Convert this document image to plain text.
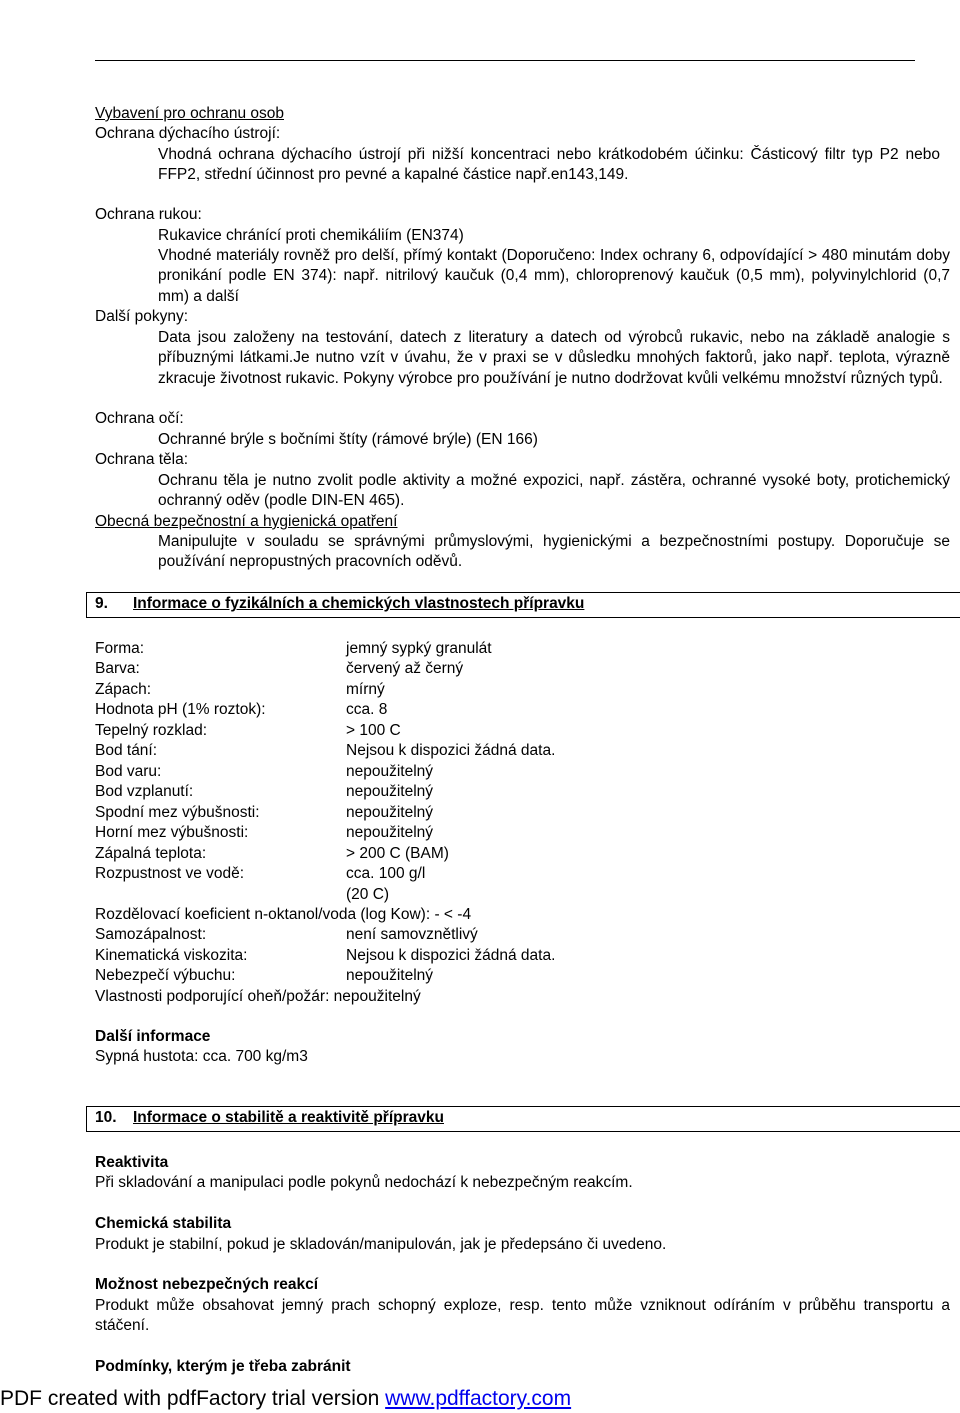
Bezpečnostní list dle Směrnice EC č. 1907/2006
Datum revize : 06.05.2011
Produkt : Librel FeHi
Vybavení pro ochranu osob
Ochrana dýchacího ústrojí:
Vhodná ochrana dýchacího ústrojí při nižší koncentraci nebo krátkodobém účinku: Částicový filtr typ P2 nebo FFP2, střední účinnost pro pevné a kapalné částice např.en143,149.
Ochrana rukou:
Rukavice chránící proti chemikáliím (EN374)
Vhodné materiály rovněž pro delší, přímý kontakt (Doporučeno: Index ochrany 6, odpovídající > 480 minutám doby pronikání podle EN 374): např. nitrilový kaučuk (0,4 mm), chloroprenový kaučuk (0,5 mm), polyvinylchlorid (0,7 mm) a další
Další pokyny:
Data jsou založeny na testování, datech z literatury a datech od výrobců rukavic, nebo na základě analogie s příbuznými látkami.Je nutno vzít v úvahu, že v praxi se v důsledku mnohých faktorů, jako např. teplota, výrazně zkracuje životnost rukavic. Pokyny výrobce pro používání je nutno dodržovat kvůli velkému množství různých typů.
Ochrana očí:
Ochranné brýle s bočními štíty (rámové brýle) (EN 166)
Ochrana těla:
Ochranu těla je nutno zvolit podle aktivity a možné expozici, např. zástěra, ochranné vysoké boty, protichemický ochranný oděv (podle DIN-EN 465).
Obecná bezpečnostní a hygienická opatření
Manipulujte v souladu se správnými průmyslovými, hygienickými a bezpečnostními postupy. Doporučuje se používání nepropustných pracovních oděvů.
9. Informace o fyzikálních a chemických vlastnostech přípravku
Forma:	jemný sypký granulát
Barva:	červený až černý
Zápach:	mírný
Hodnota pH (1% roztok):	cca. 8
Tepelný rozklad:	> 100 C
Bod tání:	Nejsou k dispozici žádná data.
Bod varu:	nepoužitelný
Bod vzplanutí:	nepoužitelný
Spodní mez výbušnosti:	nepoužitelný
Horní mez výbušnosti:	nepoužitelný
Zápalná teplota:	> 200 C (BAM)
Rozpustnost ve vodě:	cca. 100 g/l
(20 C)
Rozdělovací koeficient n-oktanol/voda (log Kow): - < -4
Samozápalnost:	není samovznětlivý
Kinematická viskozita:	Nejsou k dispozici žádná data.
Nebezpečí výbuchu:	nepoužitelný
Vlastnosti podporující oheň/požár: nepoužitelný
Další informace
Sypná hustota: cca. 700 kg/m3
10. Informace o stabilitě a reaktivitě přípravku
Reaktivita
Při skladování a manipulaci podle pokynů nedochází k nebezpečným reakcím.
Chemická stabilita
Produkt je stabilní, pokud je skladován/manipulován, jak je předepsáno či uvedeno.
Možnost nebezpečných reakcí
Produkt může obsahovat jemný prach schopný exploze, resp. tento může vzniknout odíráním v průběhu transportu a stáčení.
Podmínky, kterým je třeba zabránit
PDF created with pdfFactory trial version www.pdffactory.com
